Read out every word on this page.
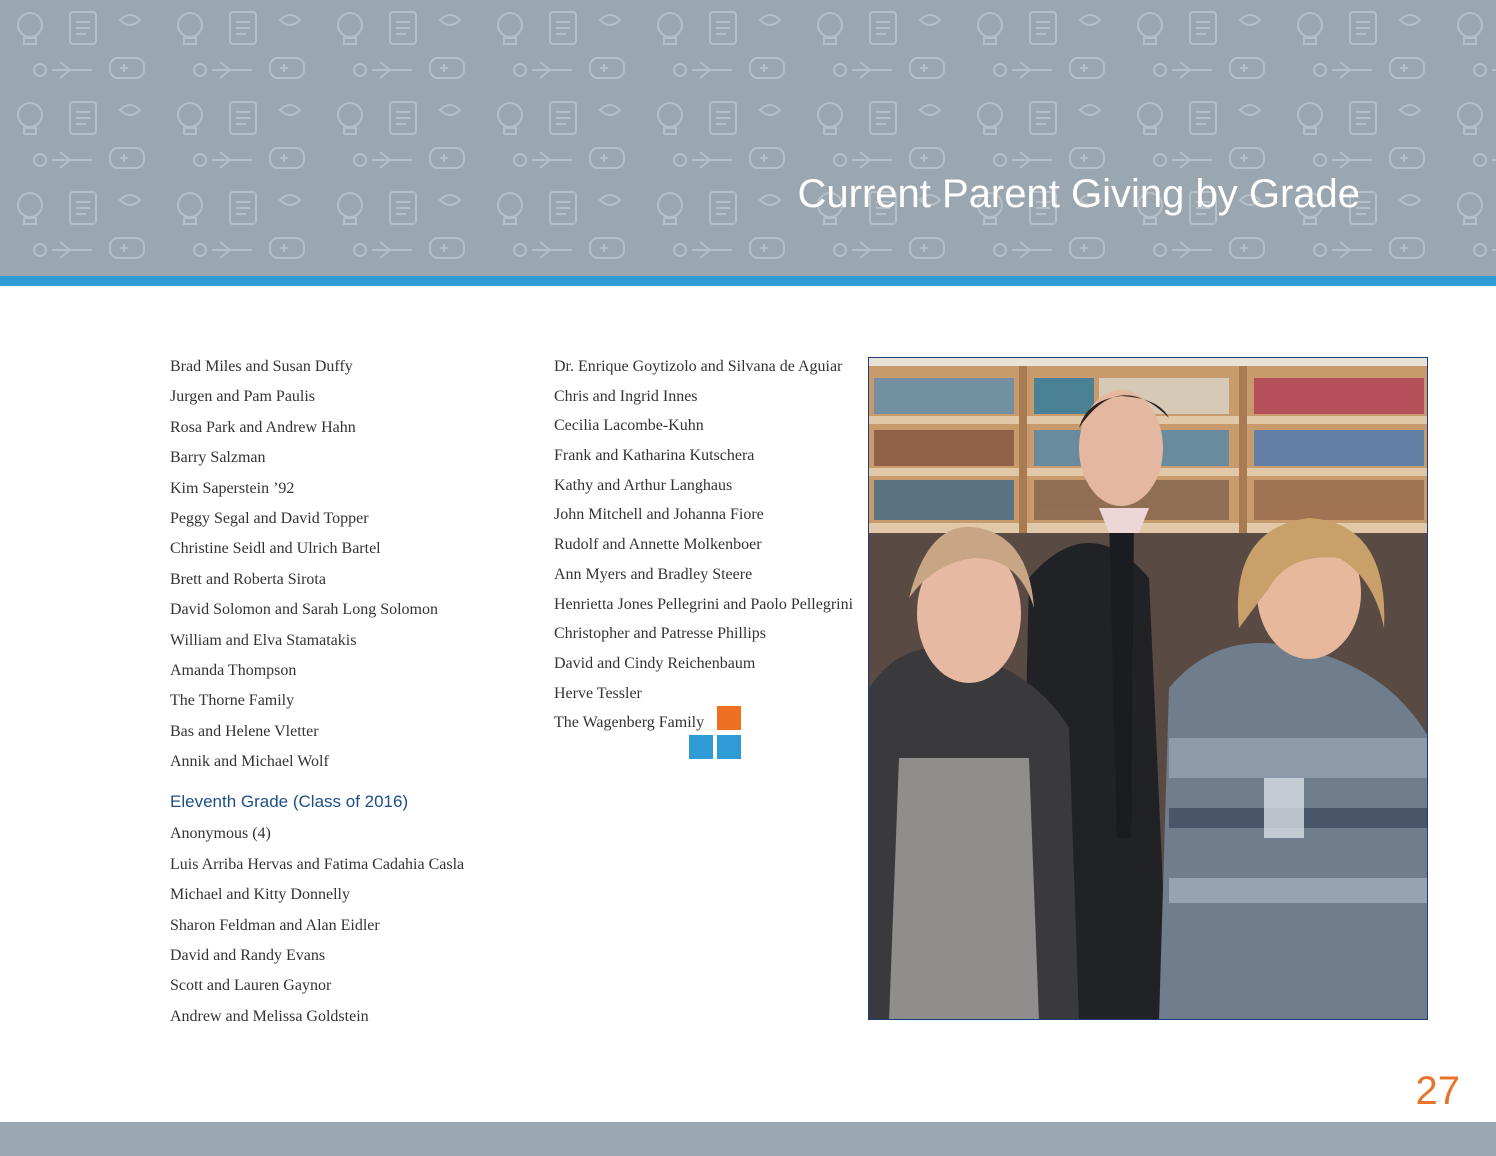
Current Parent Giving by Grade
Brad Miles and Susan Duffy
Jurgen and Pam Paulis
Rosa Park and Andrew Hahn
Barry Salzman
Kim Saperstein ’92
Peggy Segal and David Topper
Christine Seidl and Ulrich Bartel
Brett and Roberta Sirota
David Solomon and Sarah Long Solomon
William and Elva Stamatakis
Amanda Thompson
The Thorne Family
Bas and Helene Vletter
Annik and Michael Wolf
Eleventh Grade (Class of 2016)
Anonymous (4)
Luis Arriba Hervas and Fatima Cadahia Casla
Michael and Kitty Donnelly
Sharon Feldman and Alan Eidler
David and Randy Evans
Scott and Lauren Gaynor
Andrew and Melissa Goldstein
Dr. Enrique Goytizolo and Silvana de Aguiar
Chris and Ingrid Innes
Cecilia Lacombe-Kuhn
Frank and Katharina Kutschera
Kathy and Arthur Langhaus
John Mitchell and Johanna Fiore
Rudolf and Annette Molkenboer
Ann Myers and Bradley Steere
Henrietta Jones Pellegrini and Paolo Pellegrini
Christopher and Patresse Phillips
David and Cindy Reichenbaum
Herve Tessler
The Wagenberg Family
27
